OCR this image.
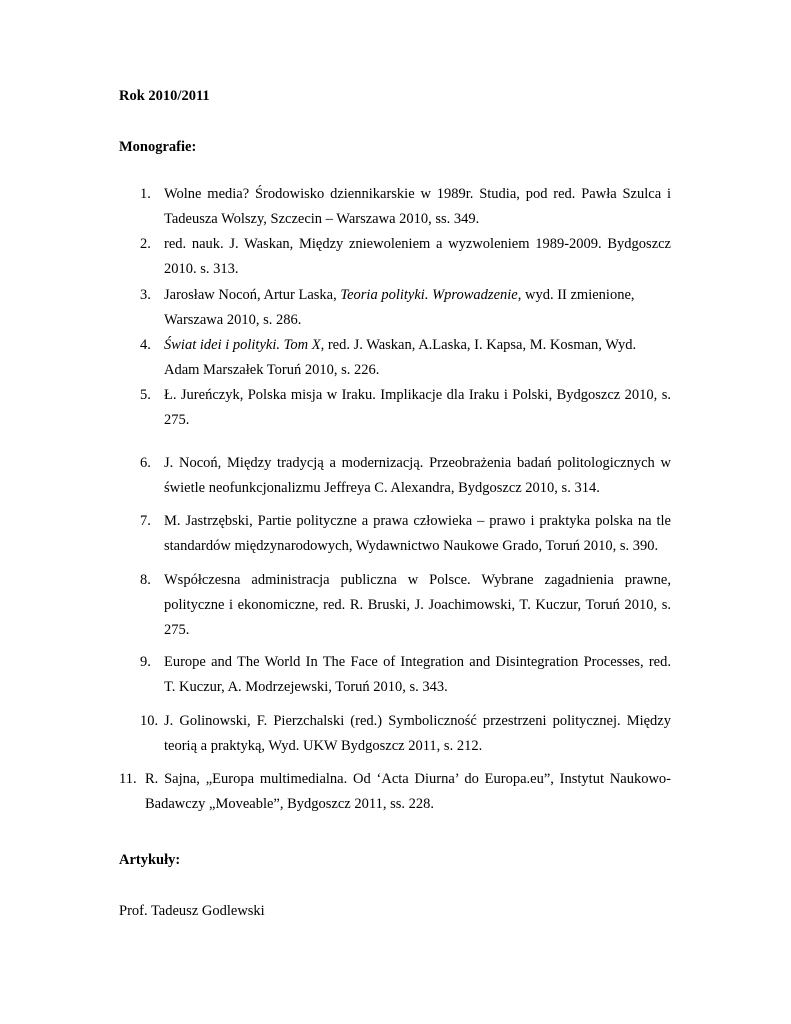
Rok 2010/2011
Monografie:
1. Wolne media? Środowisko dziennikarskie w 1989r. Studia, pod red. Pawła Szulca i
Tadeusza Wolszy, Szczecin – Warszawa 2010, ss. 349.
2. red. nauk. J. Waskan, Między zniewoleniem a wyzwoleniem 1989-2009. Bydgoszcz
2010. s. 313.
3. Jarosław Nocoń, Artur Laska, Teoria polityki. Wprowadzenie, wyd. II zmienione,
Warszawa 2010, s. 286.
4. Świat idei i polityki. Tom X, red. J. Waskan, A.Laska, I. Kapsa, M. Kosman, Wyd.
Adam Marszałek Toruń 2010, s. 226.
5. Ł. Jureńczyk, Polska misja w Iraku. Implikacje dla Iraku i Polski, Bydgoszcz 2010, s.
275.
6. J. Nocoń, Między tradycją a modernizacją. Przeobrażenia badań politologicznych w
świetle neofunkcjonalizmu Jeffreya C. Alexandra, Bydgoszcz 2010, s. 314.
7. M. Jastrzębski, Partie polityczne a prawa człowieka – prawo i praktyka polska na tle
standardów międzynarodowych, Wydawnictwo Naukowe Grado, Toruń 2010, s. 390.
8. Współczesna administracja publiczna w Polsce. Wybrane zagadnienia prawne,
polityczne i ekonomiczne, red. R. Bruski, J. Joachimowski, T. Kuczur, Toruń 2010, s.
275.
9. Europe and The World In The Face of Integration and Disintegration Processes, red.
T. Kuczur, A. Modrzejewski, Toruń 2010, s. 343.
10. J. Golinowski, F. Pierzchalski (red.) Symboliczność przestrzeni politycznej. Między
teorią a praktyką, Wyd. UKW Bydgoszcz 2011, s. 212.
11. R. Sajna, „Europa multimedialna. Od ‘Acta Diurna’ do Europa.eu”, Instytut Naukowo-
Badawczy „Moveable”, Bydgoszcz 2011, ss. 228.
Artykuły:
Prof. Tadeusz Godlewski
